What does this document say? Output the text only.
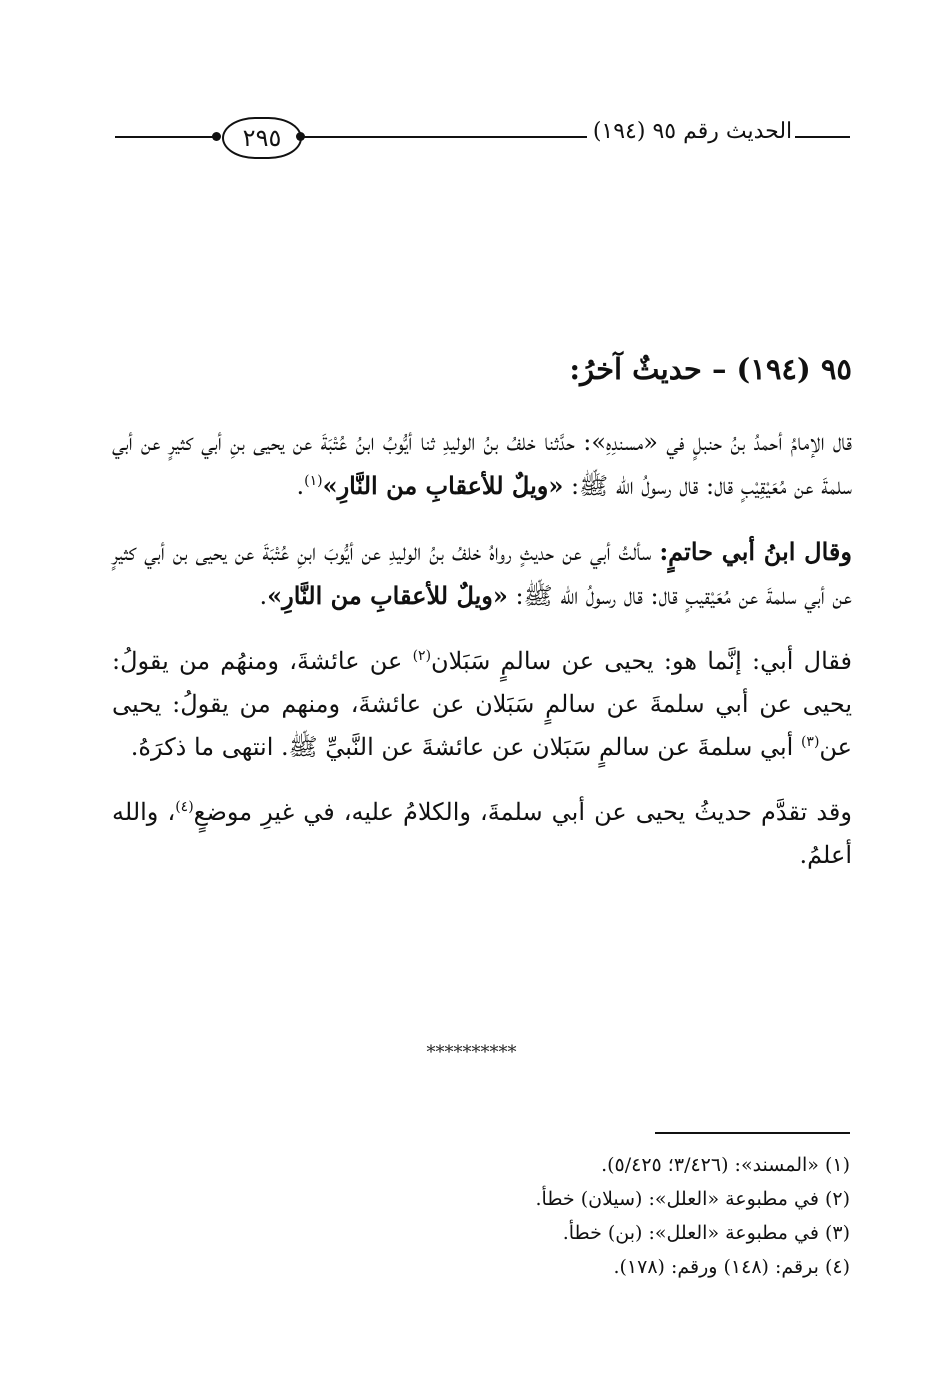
٢٩٥	الحديث رقم ٩٥ (١٩٤)
٩٥ (١٩٤) – حديثٌ آخرُ:

قال الإمامُ أحمدُ بنُ حنبلٍ في «مسندِهِ»: حدَّثنا خلفُ بنُ الوليدِ ثنا أيُّوبُ ابنُ عُتْبَةَ عن يحيى بنِ أبي كثيرٍ عن أبي سلمةَ عن مُعَيْقِيْبٍ قال: قال رسولُ الله ﷺ: «ويلٌ للأعقابِ من النَّارِ»$^{(١)}$.

وقال ابنُ أبي حاتمٍ: سألتُ أبي عن حديثٍ رواهُ خلفُ بنُ الوليدِ عن أيُّوبَ ابنِ عُتْبَةَ عن يحيى بن أبي كثيرٍ عن أبي سلمةَ عن مُعَيْقيبٍ قال: قال رسولُ الله ﷺ: «ويلٌ للأعقابِ من النَّارِ».

فقال أبي: إنَّما هو: يحيى عن سالمٍ سَبَلان$^{(٢)}$ عن عائشةَ، ومنهُم من يقولُ: يحيى عن أبي سلمةَ عن سالمٍ سَبَلان عن عائشةَ، ومنهم من يقولُ: يحيى عن$^{(٣)}$ أبي سلمةَ عن سالمٍ سَبَلان عن عائشةَ عن النَّبيِّ ﷺ. انتهى ما ذكرَهُ.

وقد تقدَّم حديثُ يحيى عن أبي سلمةَ، والكلامُ عليه، في غيرِ موضعٍ$^{(٤)}$، والله أعلمُ.

**********
(١) «المسند»: (٣/٤٢٦؛ ٥/٤٢٥).
(٢) في مطبوعة «العلل»: (سيلان) خطأ.
(٣) في مطبوعة «العلل»: (بن) خطأ.
(٤) برقم: (١٤٨) ورقم: (١٧٨).
